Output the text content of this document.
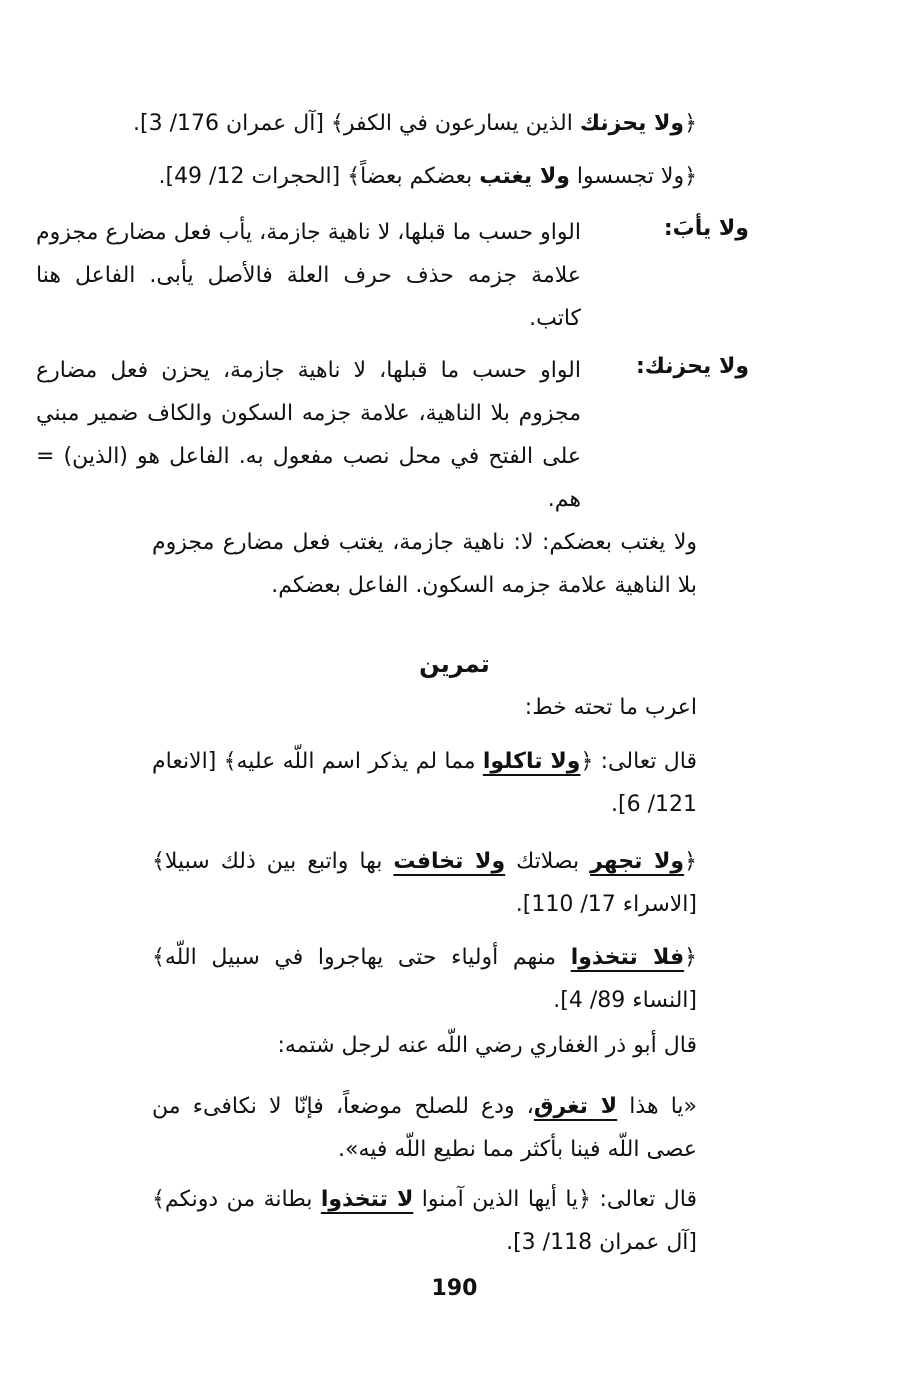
﴿ولا يحزنك الذين يسارعون في الكفر﴾ [آل عمران 176/ 3].
﴿ولا تجسسوا ولا يغتب بعضكم بعضاً﴾ [الحجرات 12/ 49].
ولا يأبَ:
الواو حسب ما قبلها، لا ناهية جازمة، يأب فعل مضارع مجزوم علامة جزمه حذف حرف العلة فالأصل يأبى. الفاعل هنا كاتب.
ولا يحزنك:
الواو حسب ما قبلها، لا ناهية جازمة، يحزن فعل مضارع مجزوم بلا الناهية، علامة جزمه السكون والكاف ضمير مبني على الفتح في محل نصب مفعول به. الفاعل هو (الذين) = هم.
ولا يغتب بعضكم: لا: ناهية جازمة، يغتب فعل مضارع مجزوم بلا الناهية علامة جزمه السكون. الفاعل بعضكم.
تمرين
اعرب ما تحته خط:
قال تعالى: ﴿ولا تاكلوا مما لم يذكر اسم اللّه عليه﴾ [الانعام 121/ 6].
﴿ولا تجهر بصلاتك ولا تخافت بها واتبع بين ذلك سبيلا﴾ [الاسراء 17/ 110].
﴿فلا تتخذوا منهم أولياء حتى يهاجروا في سبيل اللّه﴾ [النساء 89/ 4].
قال أبو ذر الغفاري رضي اللّه عنه لرجل شتمه:
«يا هذا لا تغرق، ودع للصلح موضعاً، فإنّا لا نكافىء من عصى اللّه فينا بأكثر مما نطيع اللّه فيه».
قال تعالى: ﴿يا أيها الذين آمنوا لا تتخذوا بطانة من دونكم﴾ [آل عمران 118/ 3].
190
